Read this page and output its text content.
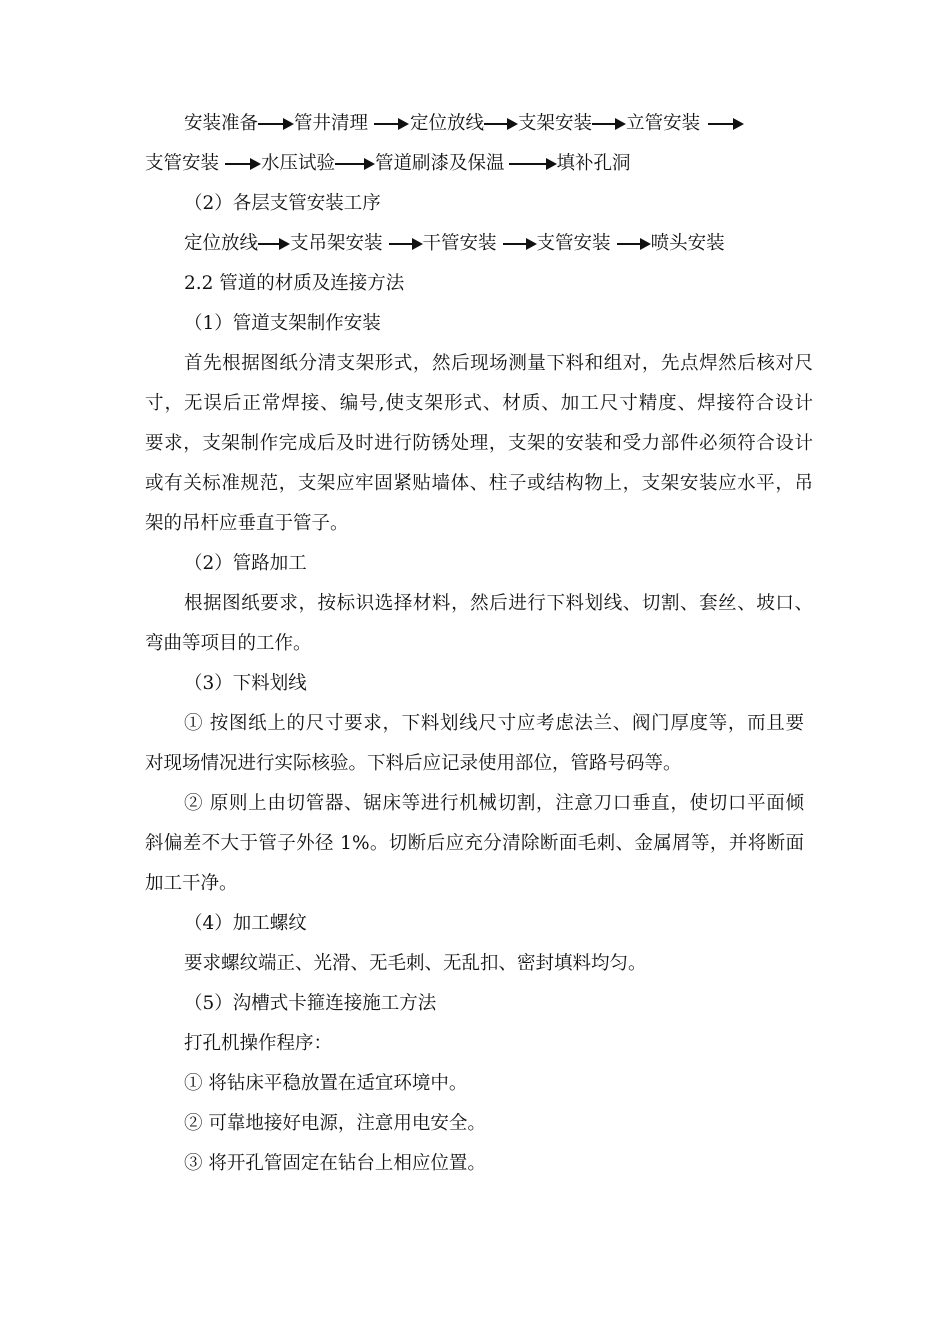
安装准备 管井清理 定位放线 支架安装 立管安装
支管安装 水压试验 管道刷漆及保温	填补孔洞
（2）各层支管安装工序
定位放线 支吊架安装 干管安装 支管安装 喷头安装
2.2 管道的材质及连接方法
（1）管道支架制作安装
首先根据图纸分清支架形式，然后现场测量下料和组对，先点焊然后核对尺
寸，无误后正常焊接、编号,使支架形式、材质、加工尺寸精度、焊接符合设计
要求，支架制作完成后及时进行防锈处理，支架的安装和受力部件必须符合设计
或有关标准规范，支架应牢固紧贴墙体、柱子或结构物上，支架安装应水平，吊
架的吊杆应垂直于管子。
（2）管路加工
根据图纸要求，按标识选择材料，然后进行下料划线、切割、套丝、坡口、
弯曲等项目的工作。
（3）下料划线
① 按图纸上的尺寸要求，下料划线尺寸应考虑法兰、阀门厚度等，而且要
对现场情况进行实际核验。下料后应记录使用部位，管路号码等。
② 原则上由切管器、锯床等进行机械切割，注意刀口垂直，使切口平面倾
斜偏差不大于管子外径 1%。切断后应充分清除断面毛刺、金属屑等，并将断面
加工干净。
（4）加工螺纹
要求螺纹端正、光滑、无毛刺、无乱扣、密封填料均匀。
（5）沟槽式卡箍连接施工方法
打孔机操作程序：
① 将钻床平稳放置在适宜环境中。
② 可靠地接好电源，注意用电安全。
③ 将开孔管固定在钻台上相应位置。
